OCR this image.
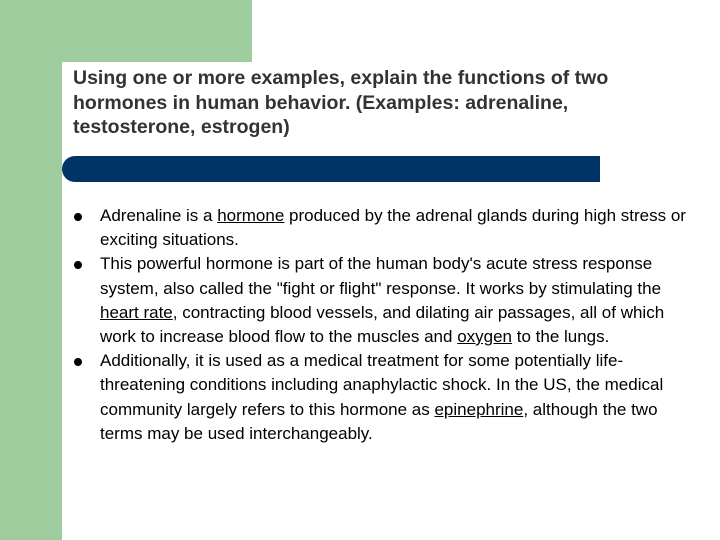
Using one or more examples, explain the functions of two hormones in human behavior. (Examples: adrenaline, testosterone, estrogen)
Adrenaline is a hormone produced by the adrenal glands during high stress or exciting situations.
This powerful hormone is part of the human body's acute stress response system, also called the "fight or flight" response. It works by stimulating the heart rate, contracting blood vessels, and dilating air passages, all of which work to increase blood flow to the muscles and oxygen to the lungs.
Additionally, it is used as a medical treatment for some potentially life-threatening conditions including anaphylactic shock. In the US, the medical community largely refers to this hormone as epinephrine, although the two terms may be used interchangeably.
